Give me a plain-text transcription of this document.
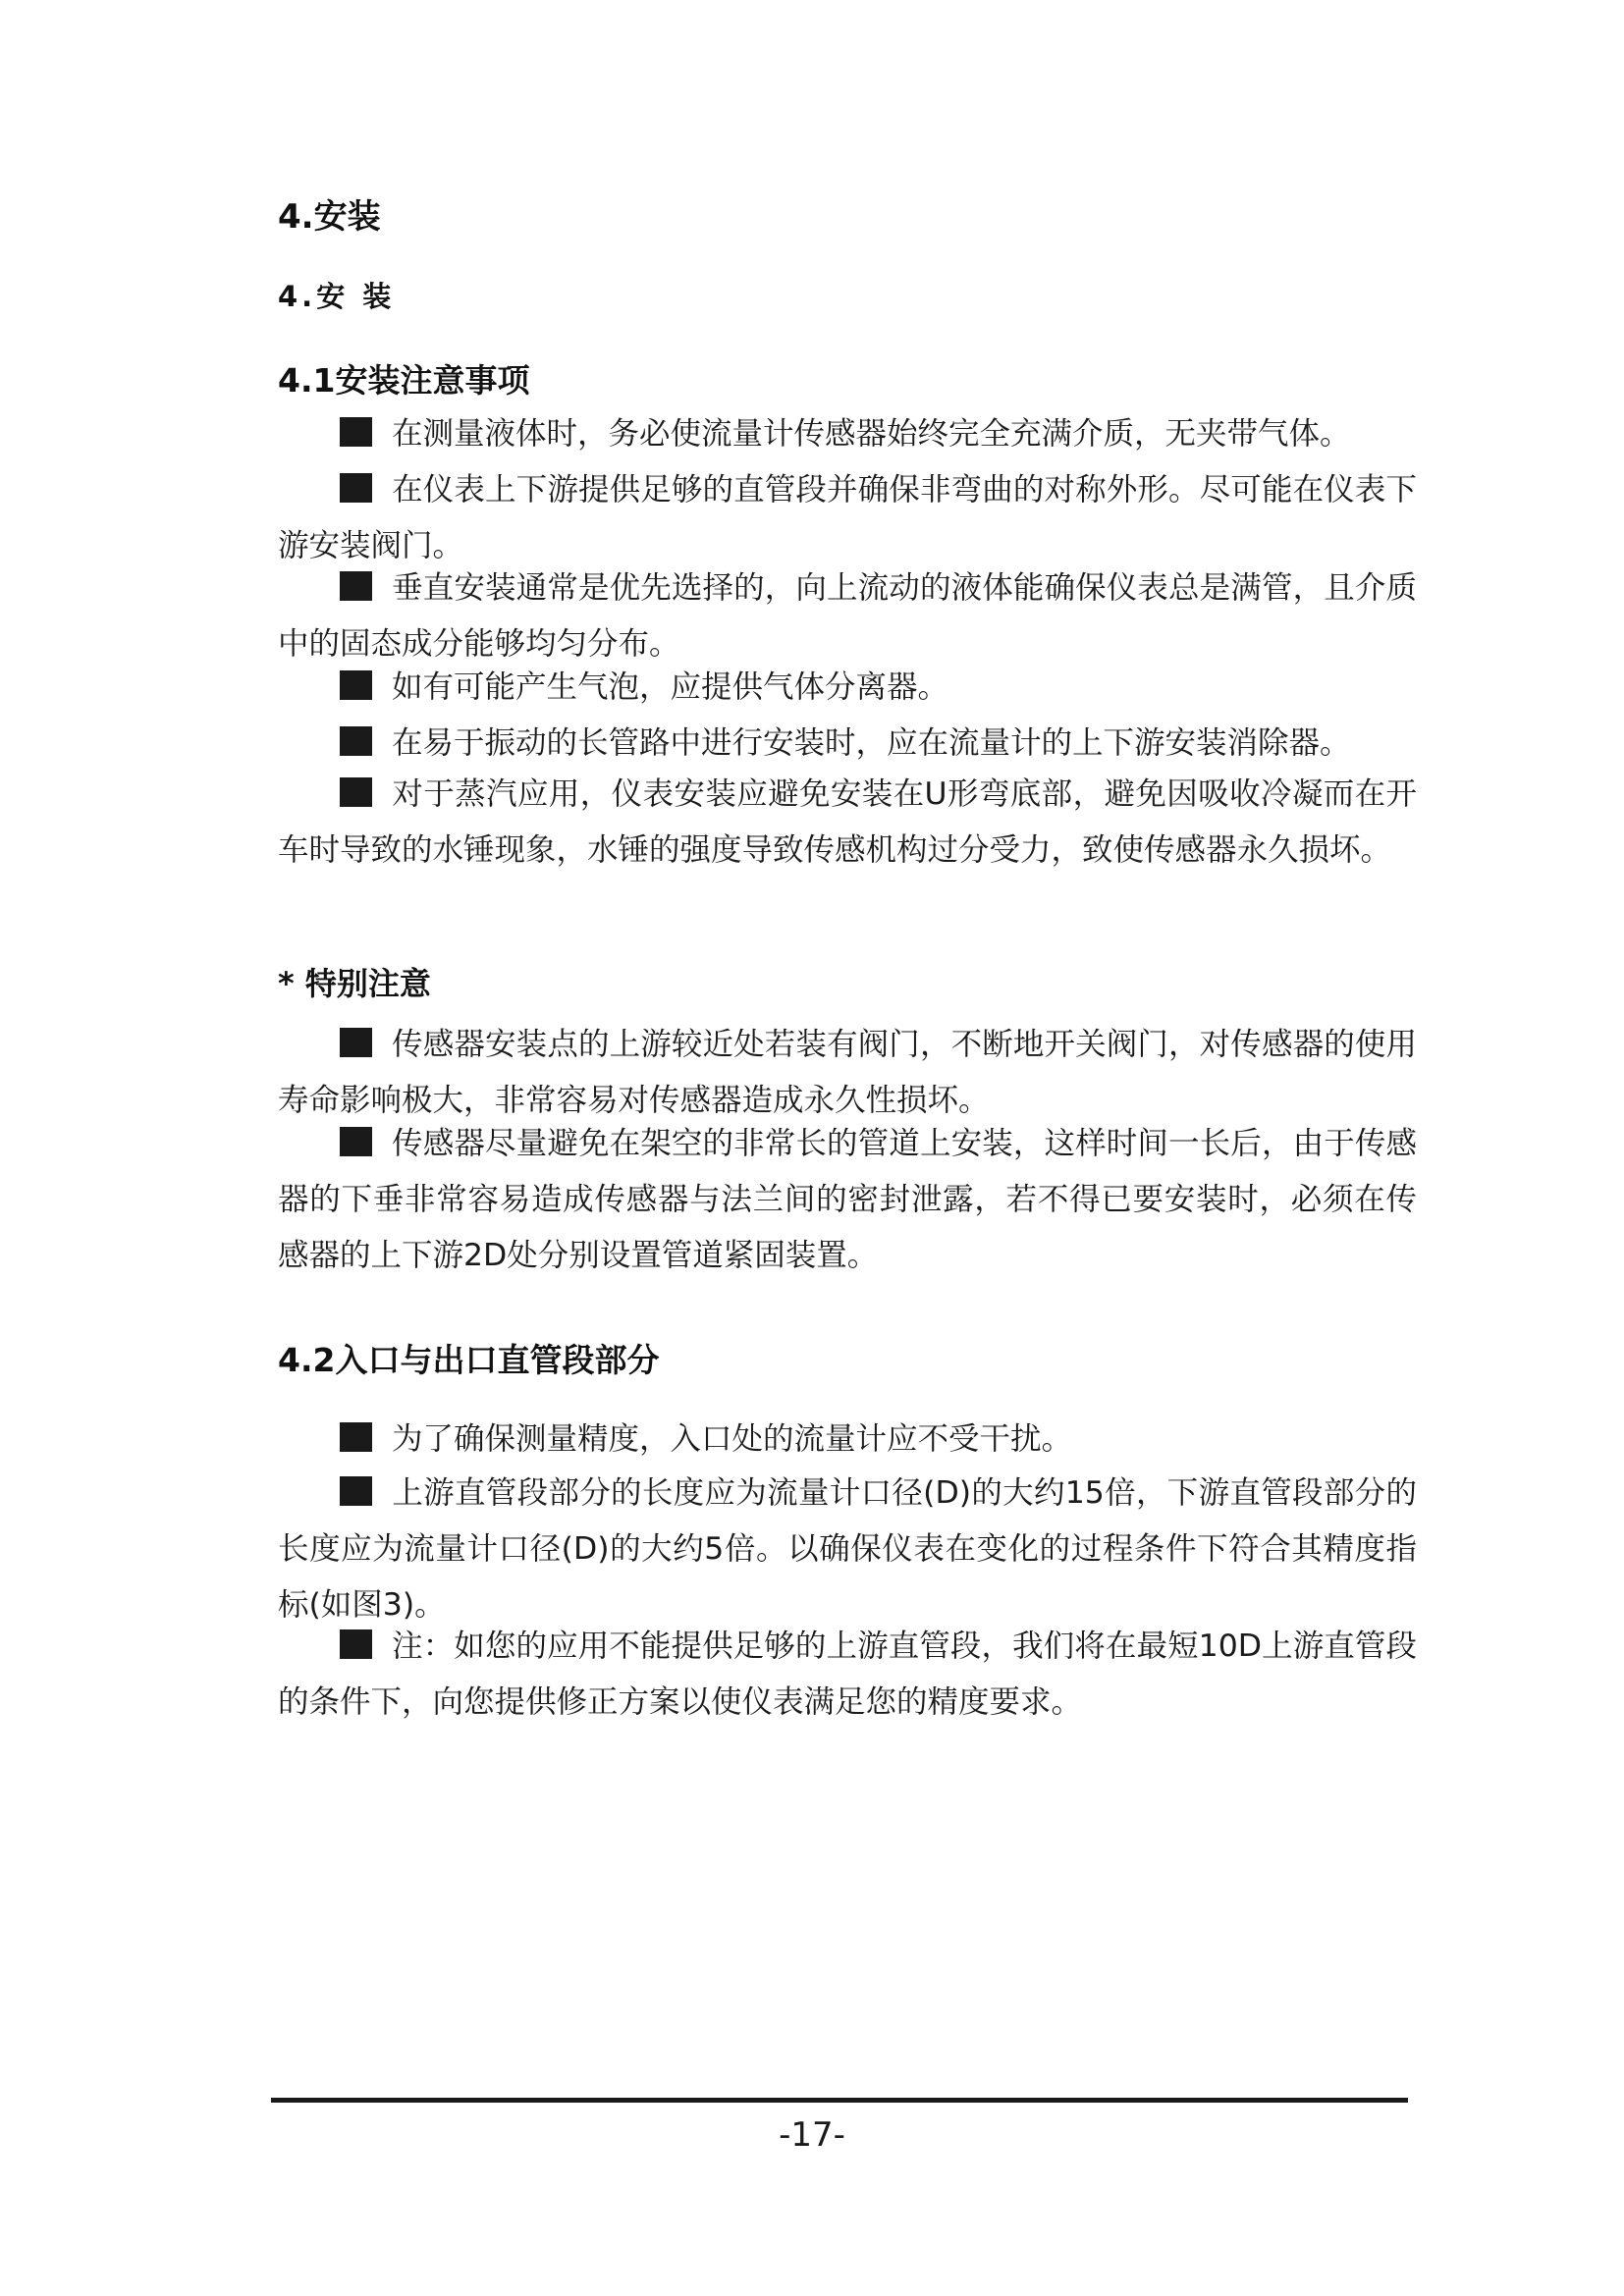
4.安装
4.安 装
4.1安装注意事项
在测量液体时，务必使流量计传感器始终完全充满介质，无夹带气体。
在仪表上下游提供足够的直管段并确保非弯曲的对称外形。尽可能在仪表下游安装阀门。
垂直安装通常是优先选择的，向上流动的液体能确保仪表总是满管，且介质中的固态成分能够均匀分布。
如有可能产生气泡，应提供气体分离器。
在易于振动的长管路中进行安装时，应在流量计的上下游安装消除器。
对于蒸汽应用，仪表安装应避免安装在U形弯底部，避免因吸收冷凝而在开车时导致的水锤现象，水锤的强度导致传感机构过分受力，致使传感器永久损坏。
* 特别注意
传感器安装点的上游较近处若装有阀门，不断地开关阀门，对传感器的使用寿命影响极大，非常容易对传感器造成永久性损坏。
传感器尽量避免在架空的非常长的管道上安装，这样时间一长后，由于传感器的下垂非常容易造成传感器与法兰间的密封泄露，若不得已要安装时，必须在传感器的上下游2D处分别设置管道紧固装置。
4.2入口与出口直管段部分
为了确保测量精度，入口处的流量计应不受干扰。
上游直管段部分的长度应为流量计口径(D)的大约15倍，下游直管段部分的长度应为流量计口径(D)的大约5倍。以确保仪表在变化的过程条件下符合其精度指标(如图3)。
注：如您的应用不能提供足够的上游直管段，我们将在最短10D上游直管段的条件下，向您提供修正方案以使仪表满足您的精度要求。
-17-
